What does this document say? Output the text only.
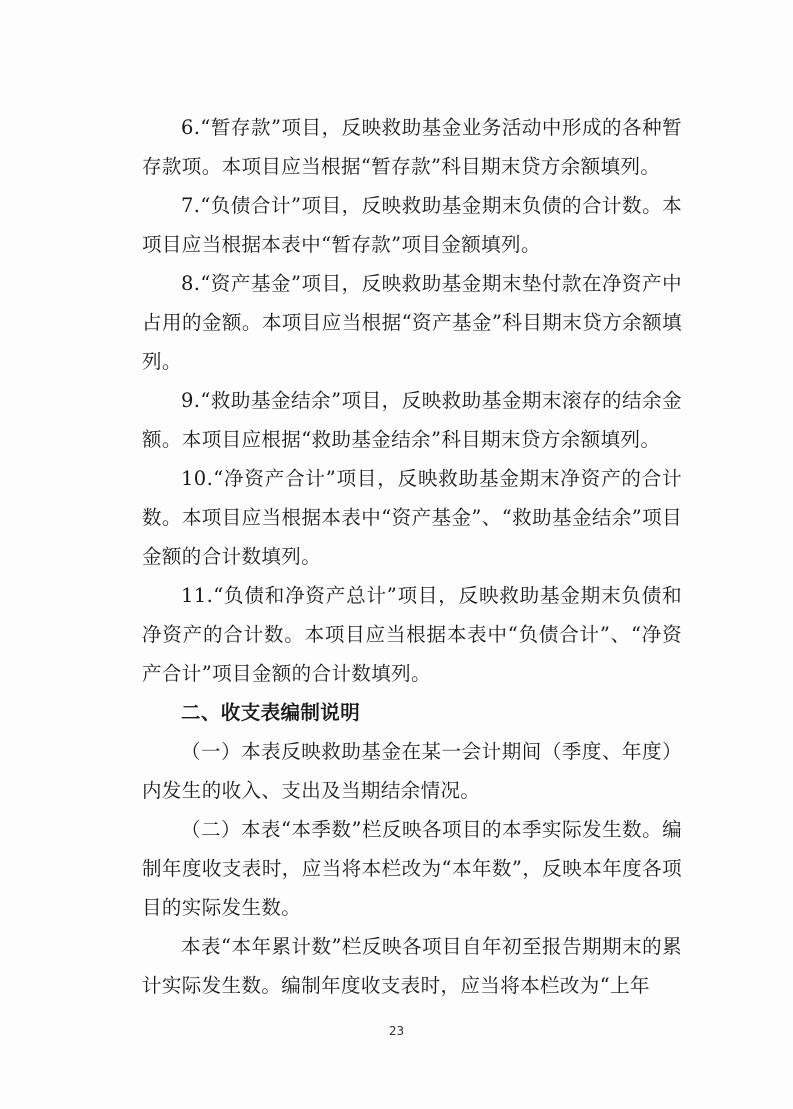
6.“暂存款”项目，反映救助基金业务活动中形成的各种暂存款项。本项目应当根据“暂存款”科目期末贷方余额填列。

7.“负债合计”项目，反映救助基金期末负债的合计数。本项目应当根据本表中“暂存款”项目金额填列。

8.“资产基金”项目，反映救助基金期末垫付款在净资产中占用的金额。本项目应当根据“资产基金”科目期末贷方余额填列。

9.“救助基金结余”项目，反映救助基金期末滚存的结余金额。本项目应根据“救助基金结余”科目期末贷方余额填列。

10.“净资产合计”项目，反映救助基金期末净资产的合计数。本项目应当根据本表中“资产基金”、“救助基金结余”项目金额的合计数填列。

11.“负债和净资产总计”项目，反映救助基金期末负债和净资产的合计数。本项目应当根据本表中“负债合计”、“净资产合计”项目金额的合计数填列。

二、收支表编制说明

（一）本表反映救助基金在某一会计期间（季度、年度）内发生的收入、支出及当期结余情况。

（二）本表“本季数”栏反映各项目的本季实际发生数。编制年度收支表时，应当将本栏改为“本年数”，反映本年度各项目的实际发生数。

本表“本年累计数”栏反映各项目自年初至报告期期末的累计实际发生数。编制年度收支表时，应当将本栏改为“上年

23
